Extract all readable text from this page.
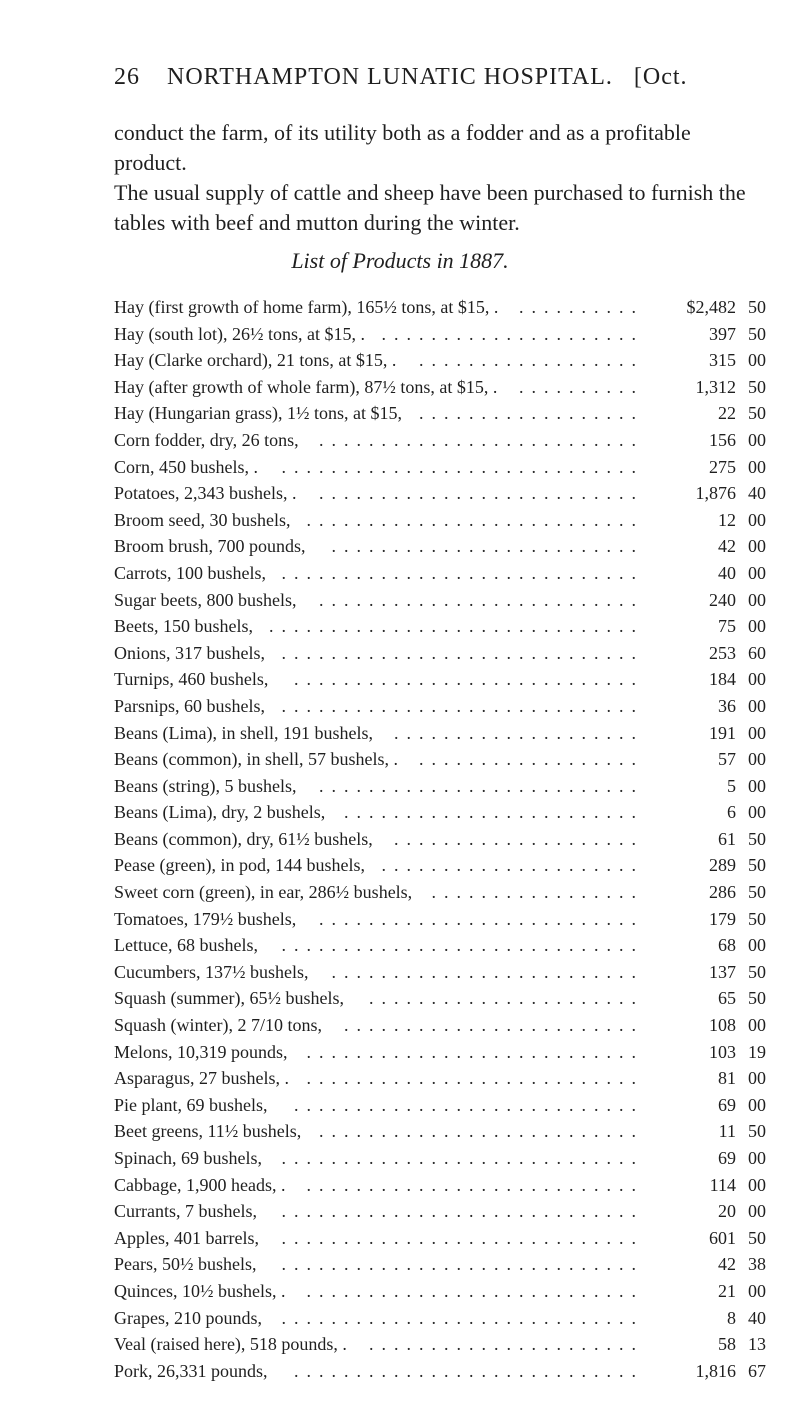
26 NORTHAMPTON LUNATIC HOSPITAL. [Oct.

conduct the farm, of its utility both as a fodder and as a profitable product.

The usual supply of cattle and sheep have been purchased to furnish the tables with beef and mutton during the winter.

List of Products in 1887.
Hay (first growth of home farm), 165½ tons, at $15, . ..........	$2,482 50
Hay (south lot), 26½ tons, at $15, . .....................	397 50
Hay (Clarke orchard), 21 tons, at $15, . ..................	315 00
Hay (after growth of whole farm), 87½ tons, at $15, . ..........	1,312 50
Hay (Hungarian grass), 1½ tons, at $15, ..................	22 50
Corn fodder, dry, 26 tons, ..........................	156 00
Corn, 450 bushels, . .............................	275 00
Potatoes, 2,343 bushels, . ..........................	1,876 40
Broom seed, 30 bushels, ...........................	12 00
Broom brush, 700 pounds, .........................	42 00
Carrots, 100 bushels, .............................	40 00
Sugar beets, 800 bushels, ..........................	240 00
Beets, 150 bushels, ..............................	75 00
Onions, 317 bushels, .............................	253 60
Turnips, 460 bushels, ............................	184 00
Parsnips, 60 bushels, .............................	36 00
Beans (Lima), in shell, 191 bushels, ....................	191 00
Beans (common), in shell, 57 bushels, . ..................	57 00
Beans (string), 5 bushels, ..........................	5 00
Beans (Lima), dry, 2 bushels, ........................	6 00
Beans (common), dry, 61½ bushels, ....................	61 50
Pease (green), in pod, 144 bushels, .....................	289 50
Sweet corn (green), in ear, 286½ bushels, .................	286 50
Tomatoes, 179½ bushels, ..........................	179 50
Lettuce, 68 bushels, .............................	68 00
Cucumbers, 137½ bushels, .........................	137 50
Squash (summer), 65½ bushels, ......................	65 50
Squash (winter), 2 7/10 tons, ........................	108 00
Melons, 10,319 pounds, ...........................	103 19
Asparagus, 27 bushels, . ...........................	81 00
Pie plant, 69 bushels, ............................	69 00
Beet greens, 11½ bushels, ..........................	11 50
Spinach, 69 bushels, .............................	69 00
Cabbage, 1,900 heads, . ...........................	114 00
Currants, 7 bushels, .............................	20 00
Apples, 401 barrels, .............................	601 50
Pears, 50½ bushels, .............................	42 38
Quinces, 10½ bushels, . ...........................	21 00
Grapes, 210 pounds, .............................	8 40
Veal (raised here), 518 pounds, . ......................	58 13
Pork, 26,331 pounds, ............................	1,816 67
